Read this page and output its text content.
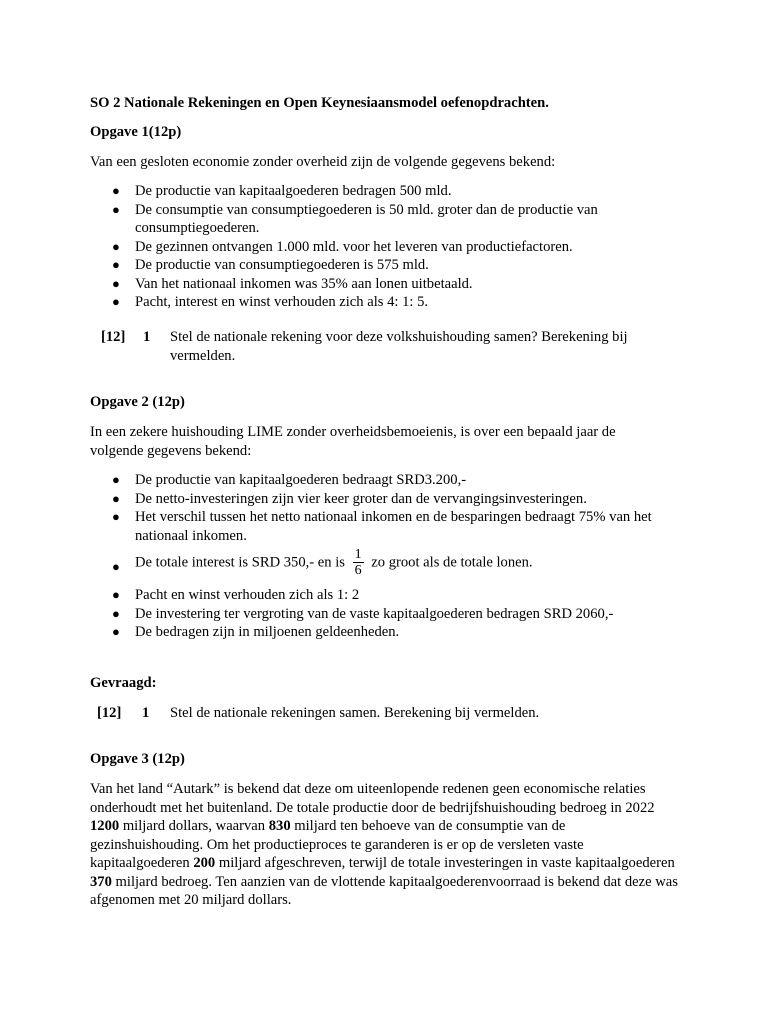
SO 2 Nationale Rekeningen en Open Keynesiaansmodel oefenopdrachten.
Opgave 1(12p)
Van een gesloten economie zonder overheid zijn de volgende gegevens bekend:
● De productie van kapitaalgoederen bedragen 500 mld.
● De consumptie van consumptiegoederen is 50 mld. groter dan de productie van consumptiegoederen.
● De gezinnen ontvangen 1.000 mld. voor het leveren van productiefactoren.
● De productie van consumptiegoederen is 575 mld.
● Van het nationaal inkomen was 35% aan lonen uitbetaald.
● Pacht, interest en winst verhouden zich als 4: 1: 5.
[12]	1	Stel de nationale rekening voor deze volkshuishouding samen? Berekening bij vermelden.
Opgave 2 (12p)
In een zekere huishouding LIME zonder overheidsbemoeienis, is over een bepaald jaar de volgende gegevens bekend:
● De productie van kapitaalgoederen bedraagt SRD3.200,-
● De netto-investeringen zijn vier keer groter dan de vervangingsinvesteringen.
● Het verschil tussen het netto nationaal inkomen en de besparingen bedraagt 75% van het nationaal inkomen.
● De totale interest is SRD 350,- en is $\frac{1}{6}$ zo groot als de totale lonen.
● Pacht en winst verhouden zich als 1: 2
● De investering ter vergroting van de vaste kapitaalgoederen bedragen SRD 2060,-
● De bedragen zijn in miljoenen geldeenheden.
Gevraagd:
[12]	1	Stel de nationale rekeningen samen. Berekening bij vermelden.
Opgave 3 (12p)
Van het land “Autark” is bekend dat deze om uiteenlopende redenen geen economische relaties onderhoudt met het buitenland. De totale productie door de bedrijfshuishouding bedroeg in 2022 1200 miljard dollars, waarvan 830 miljard ten behoeve van de consumptie van de gezinshuishouding. Om het productieproces te garanderen is er op de versleten vaste kapitaalgoederen 200 miljard afgeschreven, terwijl de totale investeringen in vaste kapitaalgoederen 370 miljard bedroeg. Ten aanzien van de vlottende kapitaalgoederenvoorraad is bekend dat deze was afgenomen met 20 miljard dollars.
